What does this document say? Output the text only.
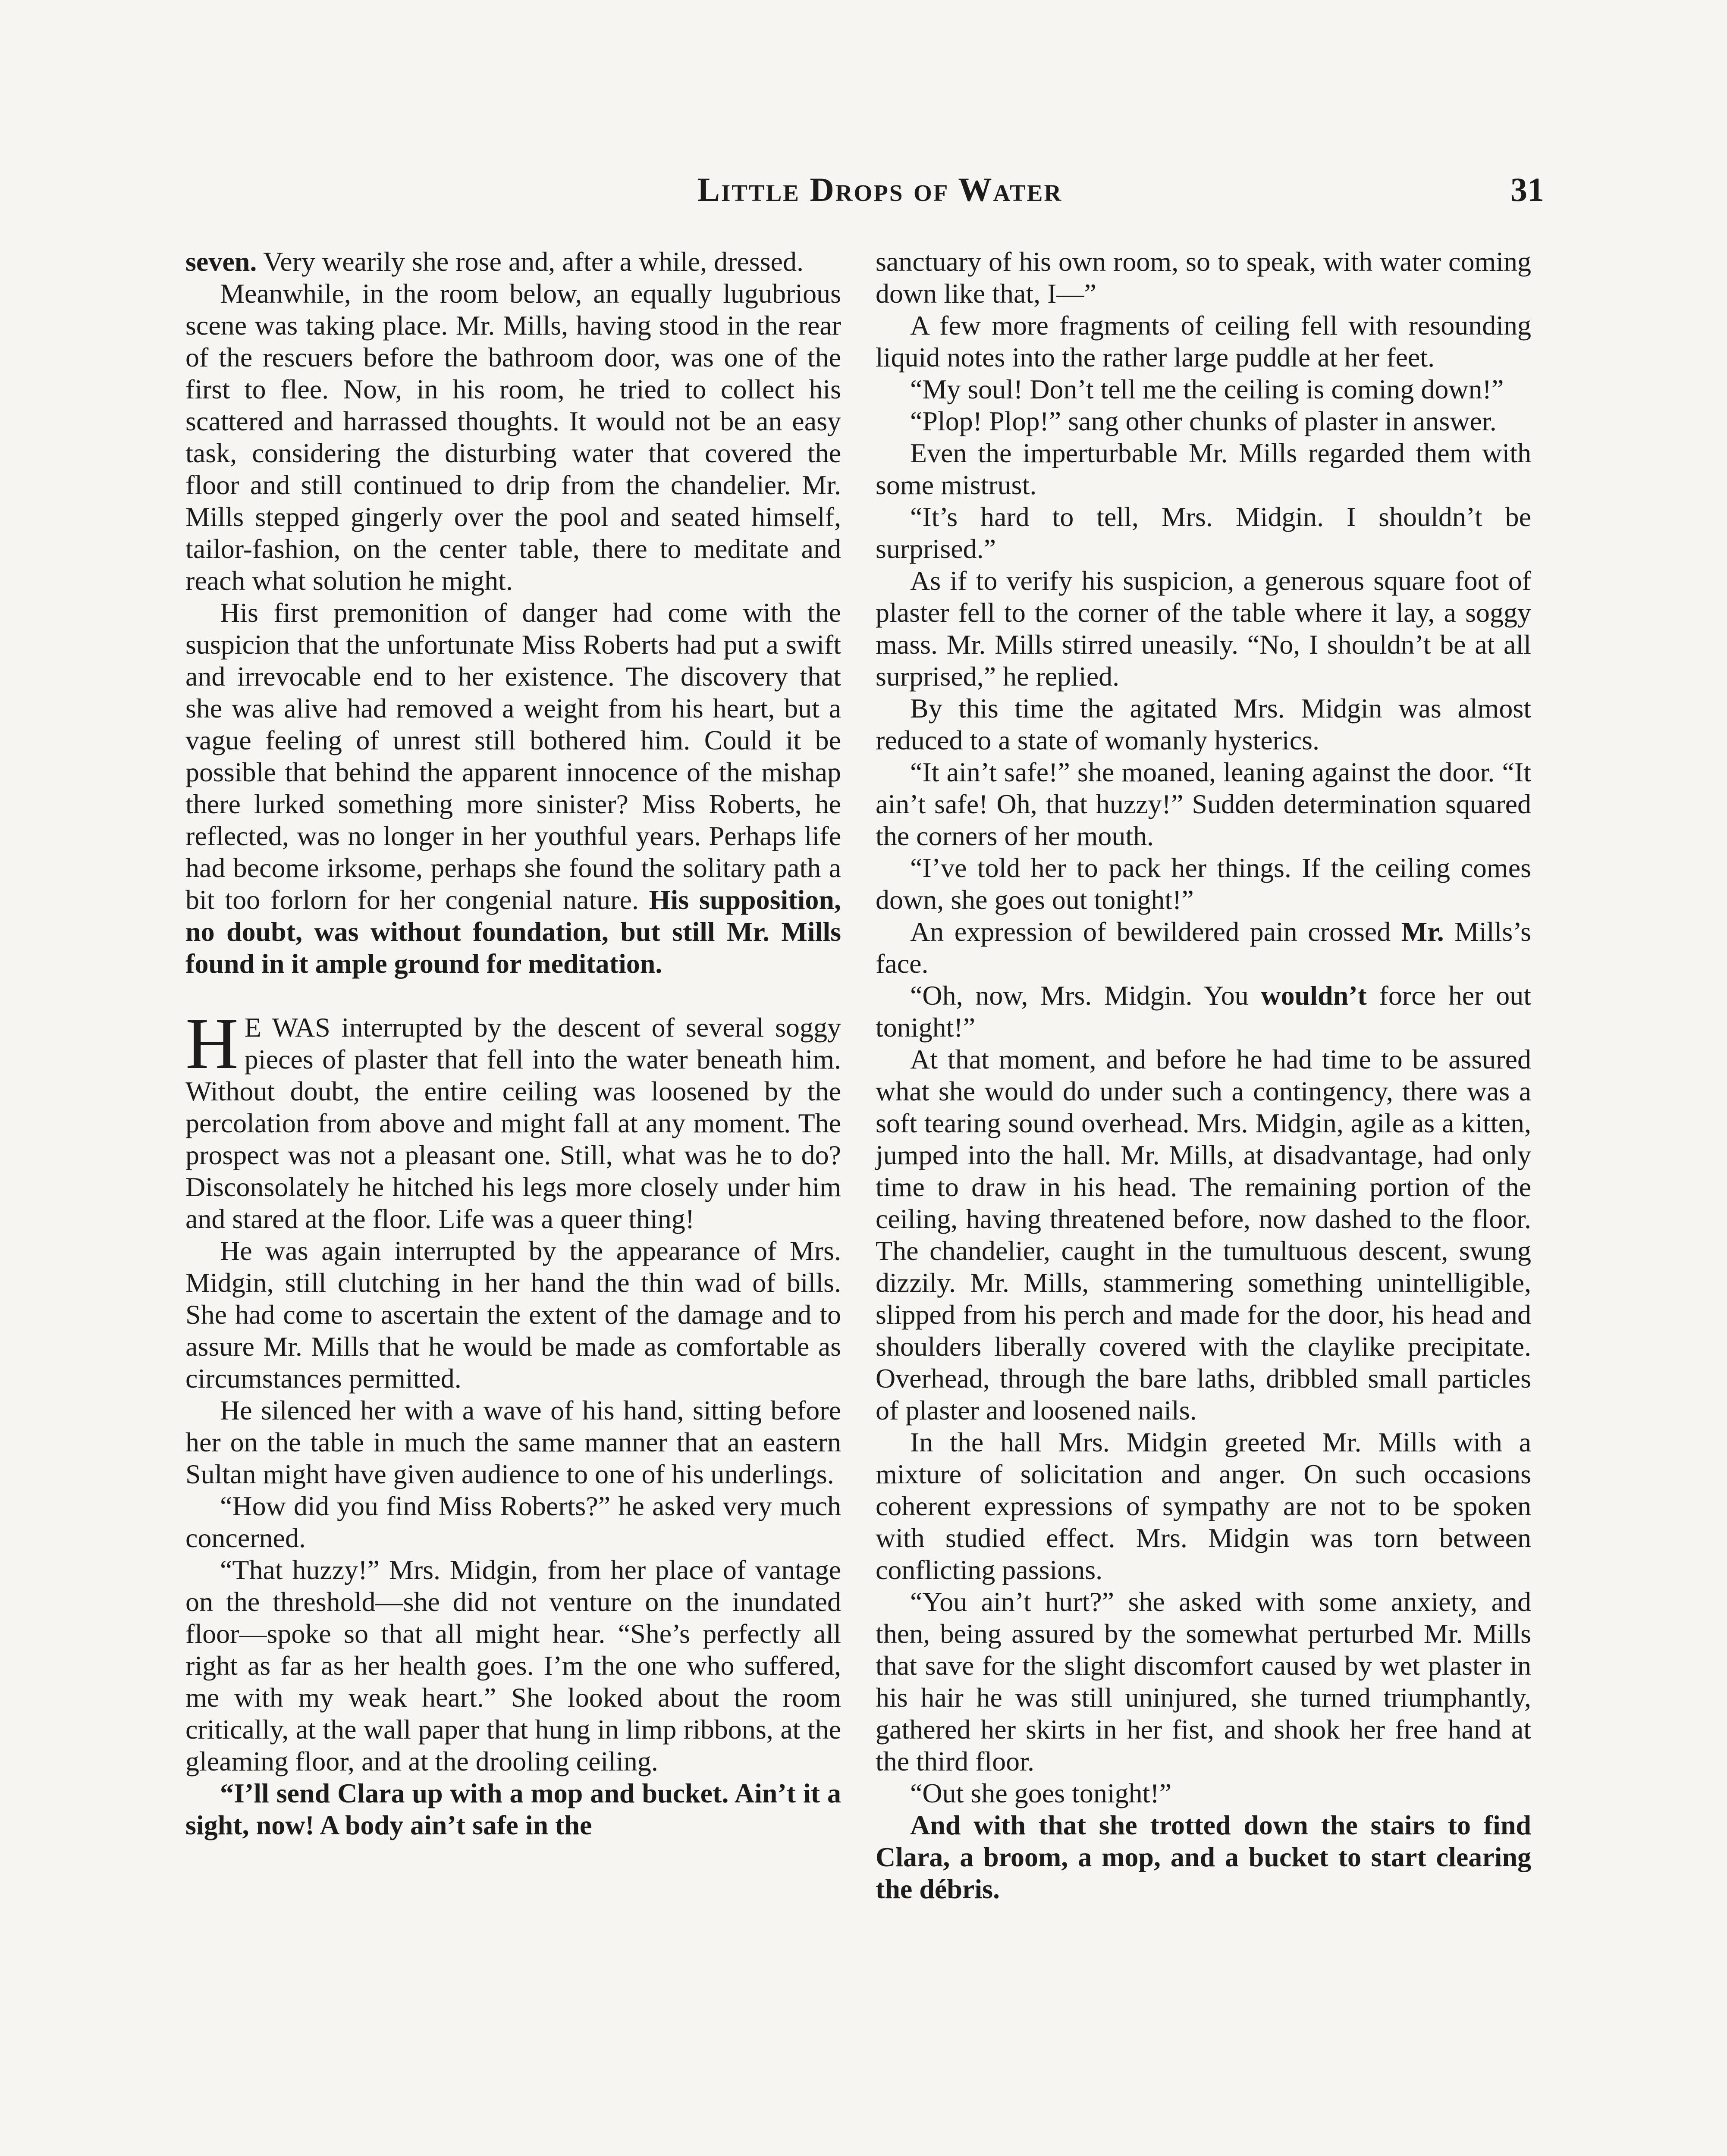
Little Drops of Water	31

seven. Very wearily she rose and, after a while, dressed.

Meanwhile, in the room below, an equally lugubrious scene was taking place. Mr. Mills, having stood in the rear of the rescuers before the bathroom door, was one of the first to flee. Now, in his room, he tried to collect his scattered and harrassed thoughts. It would not be an easy task, considering the disturbing water that covered the floor and still continued to drip from the chandelier. Mr. Mills stepped gingerly over the pool and seated himself, tailor-fashion, on the center table, there to meditate and reach what solution he might.

His first premonition of danger had come with the suspicion that the unfortunate Miss Roberts had put a swift and irrevocable end to her existence. The discovery that she was alive had removed a weight from his heart, but a vague feeling of unrest still bothered him. Could it be possible that behind the apparent innocence of the mishap there lurked something more sinister? Miss Roberts, he reflected, was no longer in her youthful years. Perhaps life had become irksome, perhaps she found the solitary path a bit too forlorn for her congenial nature. His supposition, no doubt, was without foundation, but still Mr. Mills found in it ample ground for meditation.

H E WAS interrupted by the descent of several soggy pieces of plaster that fell into the water beneath him. Without doubt, the entire ceiling was loosened by the percolation from above and might fall at any moment. The prospect was not a pleasant one. Still, what was he to do? Disconsolately he hitched his legs more closely under him and stared at the floor. Life was a queer thing!

He was again interrupted by the appearance of Mrs. Midgin, still clutching in her hand the thin wad of bills. She had come to ascertain the extent of the damage and to assure Mr. Mills that he would be made as comfortable as circumstances permitted.

He silenced her with a wave of his hand, sitting before her on the table in much the same manner that an eastern Sultan might have given audience to one of his underlings.

“How did you find Miss Roberts?” he asked very much concerned.

“That huzzy!” Mrs. Midgin, from her place of vantage on the threshold—she did not venture on the inundated floor—spoke so that all might hear. “She’s perfectly all right as far as her health goes. I’m the one who suffered, me with my weak heart.” She looked about the room critically, at the wall paper that hung in limp ribbons, at the gleaming floor, and at the drooling ceiling.

“I’ll send Clara up with a mop and bucket. Ain’t it a sight, now! A body ain’t safe in the

sanctuary of his own room, so to speak, with water coming down like that, I—”

A few more fragments of ceiling fell with resounding liquid notes into the rather large puddle at her feet.

“My soul! Don’t tell me the ceiling is coming down!”

“Plop! Plop!” sang other chunks of plaster in answer.

Even the imperturbable Mr. Mills regarded them with some mistrust.

“It’s hard to tell, Mrs. Midgin. I shouldn’t be surprised.”

As if to verify his suspicion, a generous square foot of plaster fell to the corner of the table where it lay, a soggy mass. Mr. Mills stirred uneasily. “No, I shouldn’t be at all surprised,” he replied.

By this time the agitated Mrs. Midgin was almost reduced to a state of womanly hysterics.

“It ain’t safe!” she moaned, leaning against the door. “It ain’t safe! Oh, that huzzy!” Sudden determination squared the corners of her mouth.

“I’ve told her to pack her things. If the ceiling comes down, she goes out tonight!”

An expression of bewildered pain crossed Mr. Mills’s face.

“Oh, now, Mrs. Midgin. You wouldn’t force her out tonight!”

At that moment, and before he had time to be assured what she would do under such a contingency, there was a soft tearing sound overhead. Mrs. Midgin, agile as a kitten, jumped into the hall. Mr. Mills, at disadvantage, had only time to draw in his head. The remaining portion of the ceiling, having threatened before, now dashed to the floor. The chandelier, caught in the tumultuous descent, swung dizzily. Mr. Mills, stammering something unintelligible, slipped from his perch and made for the door, his head and shoulders liberally covered with the claylike precipitate. Overhead, through the bare laths, dribbled small particles of plaster and loosened nails.

In the hall Mrs. Midgin greeted Mr. Mills with a mixture of solicitation and anger. On such occasions coherent expressions of sympathy are not to be spoken with studied effect. Mrs. Midgin was torn between conflicting passions.

“You ain’t hurt?” she asked with some anxiety, and then, being assured by the somewhat perturbed Mr. Mills that save for the slight discomfort caused by wet plaster in his hair he was still uninjured, she turned triumphantly, gathered her skirts in her fist, and shook her free hand at the third floor.

“Out she goes tonight!”

And with that she trotted down the stairs to find Clara, a broom, a mop, and a bucket to start clearing the débris.
